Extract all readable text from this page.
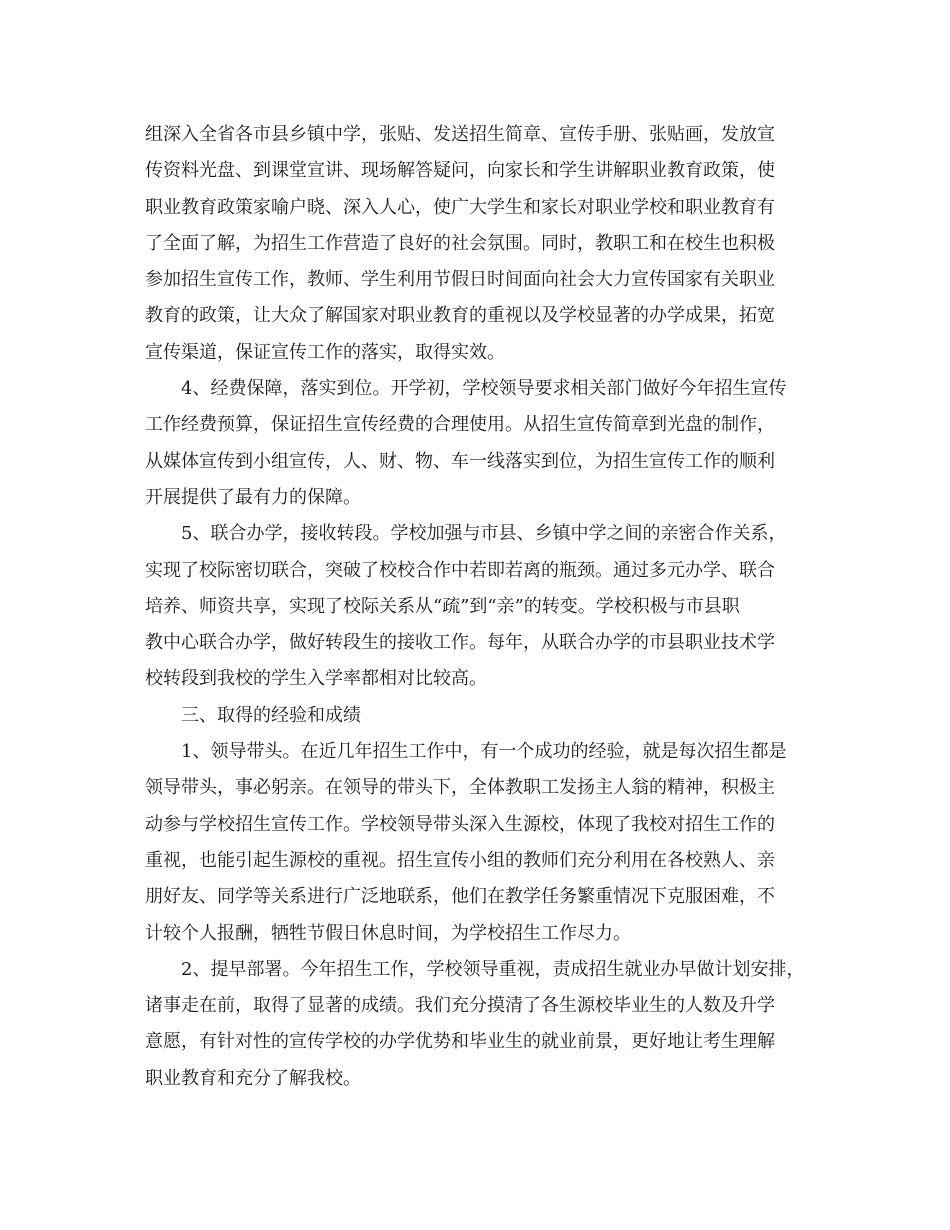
组深入全省各市县乡镇中学，张贴、发送招生简章、宣传手册、张贴画，发放宣
传资料光盘、到课堂宣讲、现场解答疑问，向家长和学生讲解职业教育政策，使
职业教育政策家喻户晓、深入人心，使广大学生和家长对职业学校和职业教育有
了全面了解，为招生工作营造了良好的社会氛围。同时，教职工和在校生也积极
参加招生宣传工作，教师、学生利用节假日时间面向社会大力宣传国家有关职业
教育的政策，让大众了解国家对职业教育的重视以及学校显著的办学成果，拓宽
宣传渠道，保证宣传工作的落实，取得实效。
4、经费保障，落实到位。开学初，学校领导要求相关部门做好今年招生宣传
工作经费预算，保证招生宣传经费的合理使用。从招生宣传简章到光盘的制作，
从媒体宣传到小组宣传，人、财、物、车一线落实到位，为招生宣传工作的顺利
开展提供了最有力的保障。
5、联合办学，接收转段。学校加强与市县、乡镇中学之间的亲密合作关系，
实现了校际密切联合，突破了校校合作中若即若离的瓶颈。通过多元办学、联合
培养、师资共享，实现了校际关系从“疏”到“亲”的转变。学校积极与市县职
教中心联合办学，做好转段生的接收工作。每年，从联合办学的市县职业技术学
校转段到我校的学生入学率都相对比较高。
三、取得的经验和成绩
1、领导带头。在近几年招生工作中，有一个成功的经验，就是每次招生都是
领导带头，事必躬亲。在领导的带头下，全体教职工发扬主人翁的精神，积极主
动参与学校招生宣传工作。学校领导带头深入生源校，体现了我校对招生工作的
重视，也能引起生源校的重视。招生宣传小组的教师们充分利用在各校熟人、亲
朋好友、同学等关系进行广泛地联系，他们在教学任务繁重情况下克服困难，不
计较个人报酬，牺牲节假日休息时间，为学校招生工作尽力。
2、提早部署。今年招生工作，学校领导重视，责成招生就业办早做计划安排，
诸事走在前，取得了显著的成绩。我们充分摸清了各生源校毕业生的人数及升学
意愿，有针对性的宣传学校的办学优势和毕业生的就业前景，更好地让考生理解
职业教育和充分了解我校。
